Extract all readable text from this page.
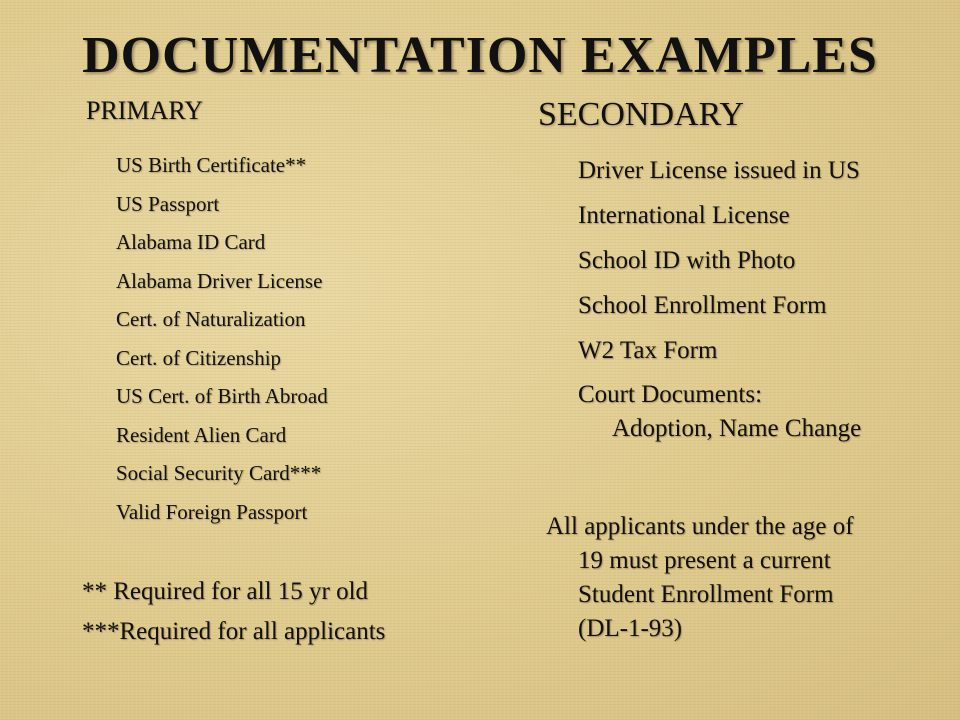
DOCUMENTATION EXAMPLES
PRIMARY
US Birth Certificate**
US Passport
Alabama ID Card
Alabama Driver License
Cert. of Naturalization
Cert. of Citizenship
US Cert. of Birth Abroad
Resident Alien Card
Social Security Card***
Valid Foreign Passport
** Required for all 15 yr old
***Required for all applicants
SECONDARY
Driver License issued in US
International License
School ID with Photo
School Enrollment Form
W2 Tax Form
Court Documents:
Adoption, Name Change
All applicants under the age of
19 must present a current
Student Enrollment Form
(DL-1-93)
